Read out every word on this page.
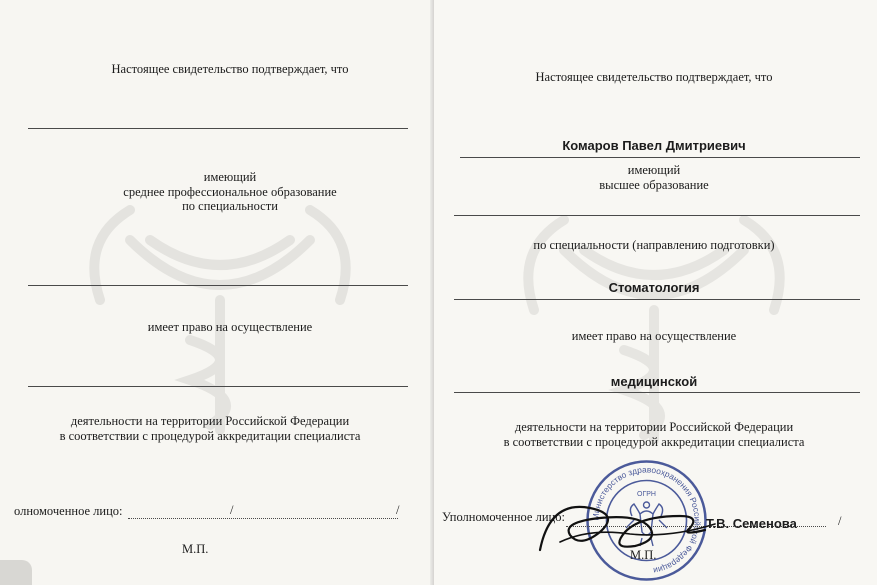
Настоящее свидетельство подтверждает, что
имеющий
среднее профессиональное образование
по специальности
имеет право на осуществление
деятельности на территории Российской Федерации
в соответствии с процедурой аккредитации специалиста
олномоченное лицо:	/	/
М.П.
Настоящее свидетельство подтверждает, что
Комаров Павел Дмитриевич
имеющий
высшее образование
по специальности (направлению подготовки)
Стоматология
имеет право на осуществление
медицинской
деятельности на территории Российской Федерации
в соответствии с процедурой аккредитации специалиста
Министерство здравоохранения Российской Федерации
ОГРН
Уполномоченное лицо:	Т.В. Семенова	/
М.П.
